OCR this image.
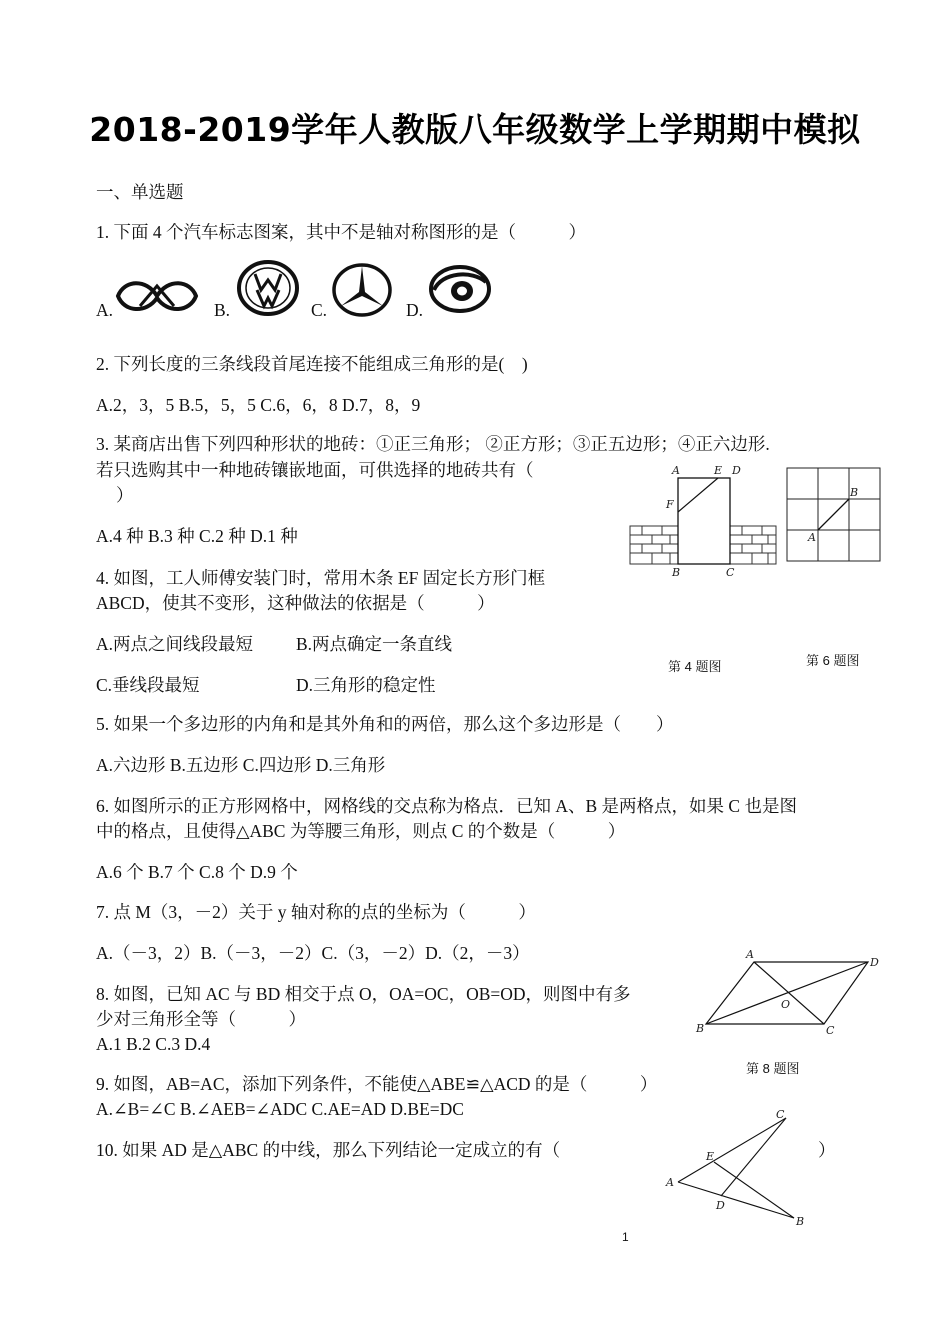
2018-2019学年人教版八年级数学上学期期中模拟
一、单选题
1. 下面 4 个汽车标志图案，其中不是轴对称图形的是（　　　）
A.	B.	C.	D.
2. 下列长度的三条线段首尾连接不能组成三角形的是(　)
A.2，3，5 B.5，5，5 C.6，6，8 D.7，8，9
3. 某商店出售下列四种形状的地砖：①正三角形； ②正方形；③正五边形；④正六边形.
若只选购其中一种地砖镶嵌地面，可供选择的地砖共有（
）
A.4 种 B.3 种 C.2 种 D.1 种
A	E D
F
B	C
A
B
4. 如图，工人师傅安装门时，常用木条 EF 固定长方形门框
ABCD，使其不变形，这种做法的依据是（　　　）
A.两点之间线段最短 B.两点确定一条直线
第 4 题图	第 6 题图
C.垂线段最短	D.三角形的稳定性
5. 如果一个多边形的内角和是其外角和的两倍，那么这个多边形是（　　）
A.六边形 B.五边形 C.四边形 D.三角形
6. 如图所示的正方形网格中，网格线的交点称为格点．已知 A、B 是两格点，如果 C 也是图
中的格点，且使得△ABC 为等腰三角形，则点 C 的个数是（　　　）
A.6 个 B.7 个 C.8 个 D.9 个
7. 点 M（3，－2）关于 y 轴对称的点的坐标为（　　　）
A.（－3，2）B.（－3，－2）C.（3，－2）D.（2，－3）	A
D
O
B	C
第 8 题图
8. 如图，已知 AC 与 BD 相交于点 O，OA=OC，OB=OD，则图中有多
少对三角形全等（　　　）
A.1 B.2 C.3 D.4
9. 如图，AB=AC，添加下列条件，不能使△ABE≌△ACD 的是（　　　）
A.∠B=∠C B.∠AEB=∠ADC C.AE=AD D.BE=DC	C
E
A
D
B
10. 如果 AD 是△ABC 的中线，那么下列结论一定成立的有（	）
1
